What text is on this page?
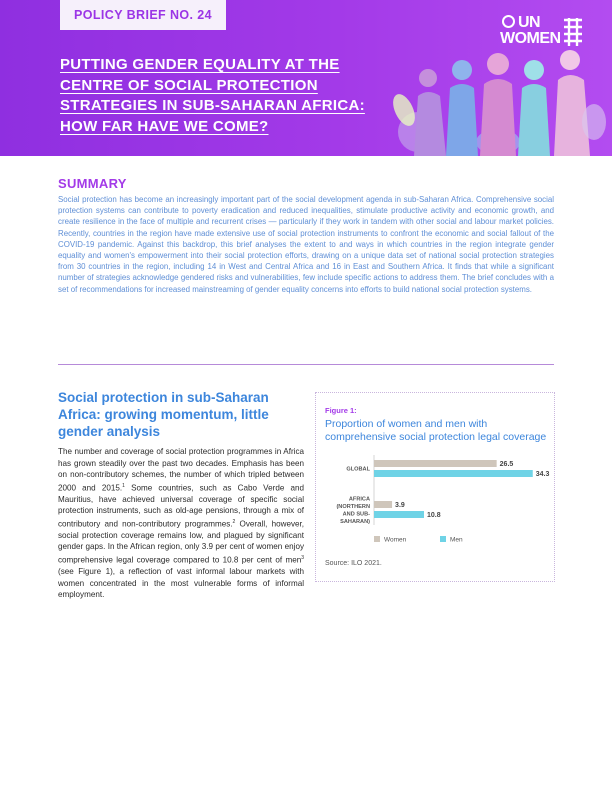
POLICY BRIEF NO. 24	UN
WOMEN
PUTTING GENDER EQUALITY AT THE
CENTRE OF SOCIAL PROTECTION
STRATEGIES IN SUB-SAHARAN AFRICA:
HOW FAR HAVE WE COME?
SUMMARY

Social protection has become an increasingly important part of the social development agenda in sub-Saharan Africa. Comprehensive social protection systems can contribute to poverty eradication and reduced inequalities, stimulate productive activity and economic growth, and create resilience in the face of multiple and recurrent crises — particularly if they work in tandem with other social and labour market policies. Recently, countries in the region have made extensive use of social protection instruments to confront the economic and social fallout of the COVID-19 pandemic. Against this backdrop, this brief analyses the extent to and ways in which countries in the region integrate gender equality and women's empowerment into their social protection efforts, drawing on a unique data set of national social protection strategies from 30 countries in the region, including 14 in West and Central Africa and 16 in East and Southern Africa. It finds that while a significant number of strategies acknowledge gendered risks and vulnerabilities, few include specific actions to address them. The brief concludes with a set of recommendations for increased mainstreaming of gender equality concerns into efforts to build national social protection systems.

Social protection in sub-Saharan Africa: growing momentum, little gender analysis

The number and coverage of social protection programmes in Africa has grown steadily over the past two decades. Emphasis has been on non-contributory schemes, the number of which tripled between 2000 and 2015.$^1$ Some countries, such as Cabo Verde and Mauritius, have achieved universal coverage of specific social protection instruments, such as old-age pensions, through a mix of contributory and non-contributory programmes.$^2$ Overall, however, social protection coverage remains low, and plagued by significant gender gaps. In the African region, only 3.9 per cent of women enjoy comprehensive legal coverage compared to 10.8 per cent of men$^3$ (see Figure 1), a reflection of vast informal labour markets with women concentrated in the most vulnerable forms of informal employment.

Figure 1:
Proportion of women and men with comprehensive social protection legal coverage
GLOBAL
26.5
34.3
AFRICA (NORTHERN AND SUB-SAHARAN)
3.9
10.8
Women	Men
Source: ILO 2021.
